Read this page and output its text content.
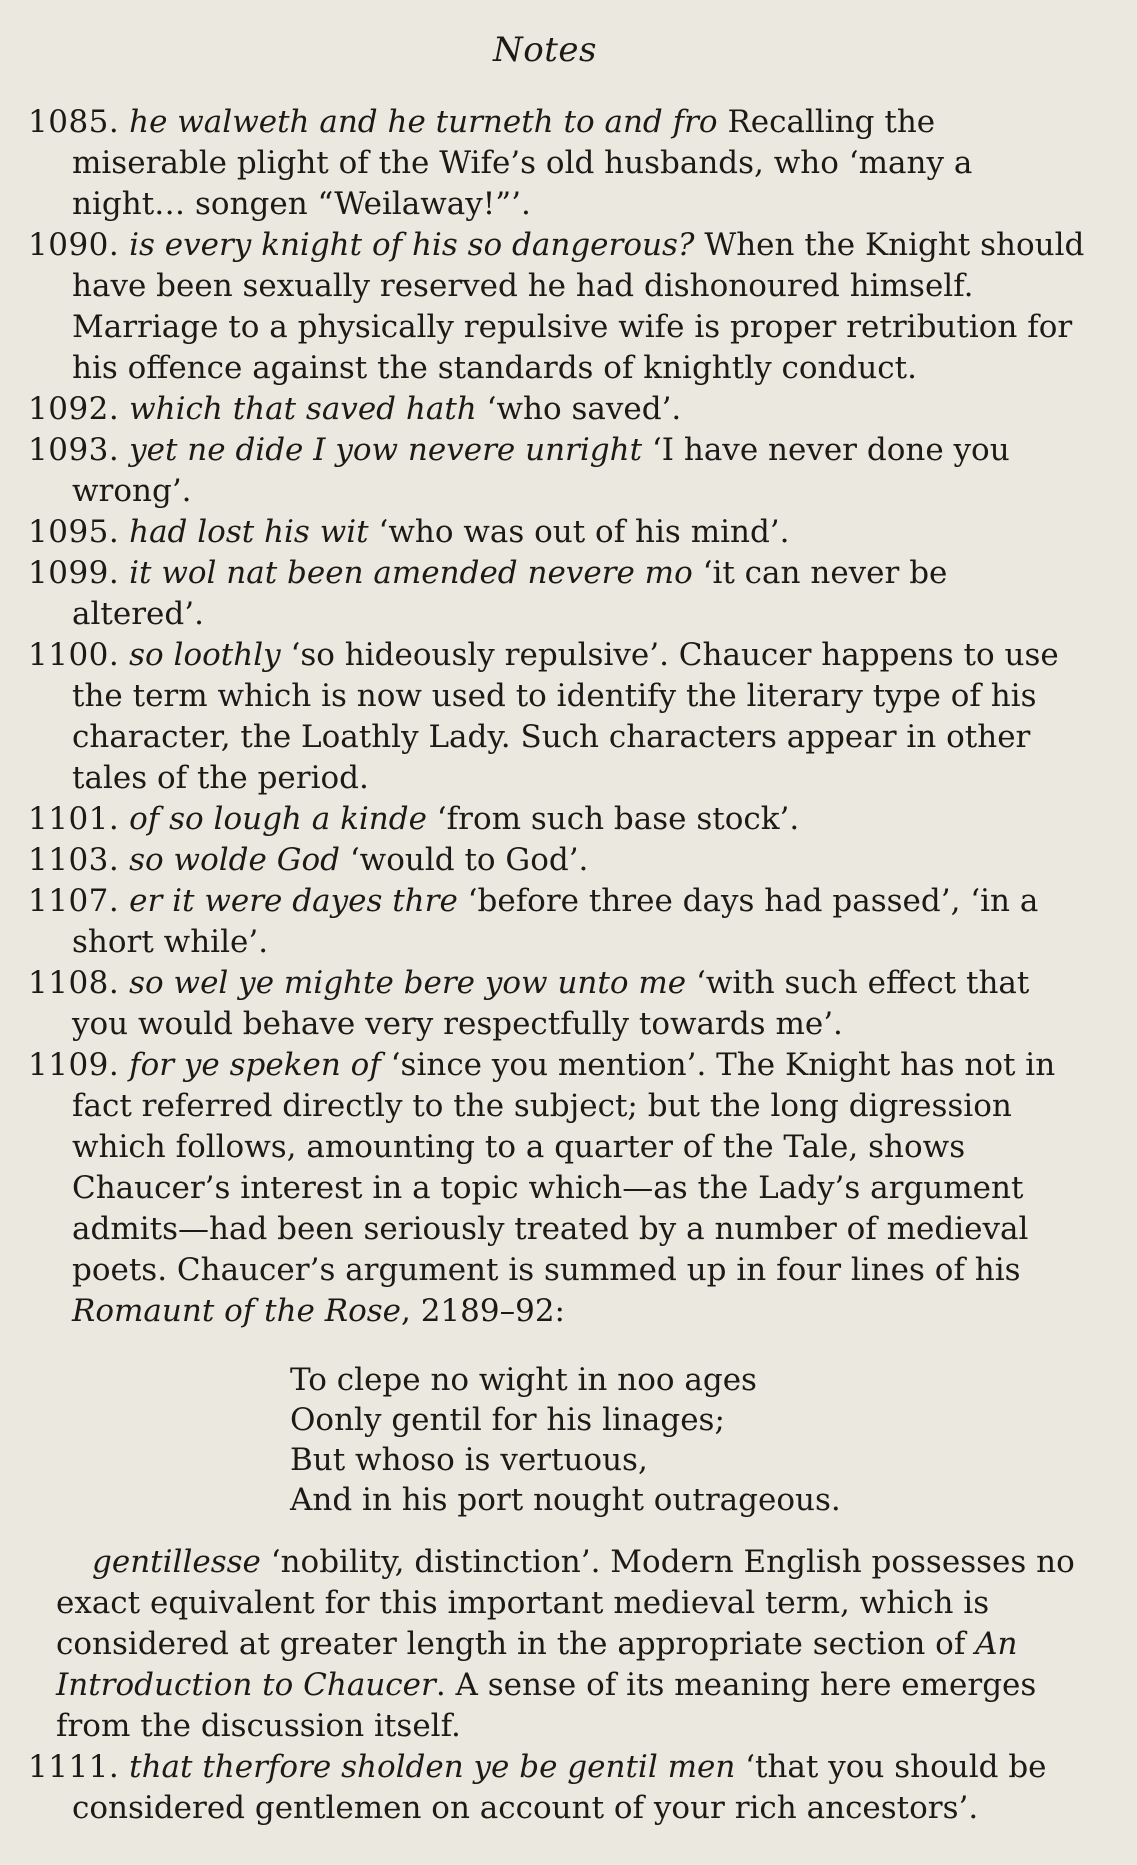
Notes

1085. he walweth and he turneth to and fro Recalling the miserable plight of the Wife’s old husbands, who ‘many a night… songen “Weilaway!”’.

1090. is every knight of his so dangerous? When the Knight should have been sexually reserved he had dishonoured himself. Marriage to a physically repulsive wife is proper retribution for his offence against the standards of knightly conduct.

1092. which that saved hath ‘who saved’.

1093. yet ne dide I yow nevere unright ‘I have never done you wrong’.

1095. had lost his wit ‘who was out of his mind’.

1099. it wol nat been amended nevere mo ‘it can never be altered’.

1100. so loothly ‘so hideously repulsive’. Chaucer happens to use the term which is now used to identify the literary type of his character, the Loathly Lady. Such characters appear in other tales of the period.

1101. of so lough a kinde ‘from such base stock’.

1103. so wolde God ‘would to God’.

1107. er it were dayes thre ‘before three days had passed’, ‘in a short while’.

1108. so wel ye mighte bere yow unto me ‘with such effect that you would behave very respectfully towards me’.

1109. for ye speken of ‘since you mention’. The Knight has not in fact referred directly to the subject; but the long digression which follows, amounting to a quarter of the Tale, shows Chaucer’s interest in a topic which—as the Lady’s argument admits—had been seriously treated by a number of medieval poets. Chaucer’s argument is summed up in four lines of his Romaunt of the Rose, 2189–92:

To clepe no wight in noo ages

Oonly gentil for his linages;

But whoso is vertuous,

And in his port nought outrageous.

gentillesse ‘nobility, distinction’. Modern English possesses no exact equivalent for this important medieval term, which is considered at greater length in the appropriate section of An Introduction to Chaucer. A sense of its meaning here emerges from the discussion itself.

1111. that therfore sholden ye be gentil men ‘that you should be considered gentlemen on account of your rich ancestors’.
